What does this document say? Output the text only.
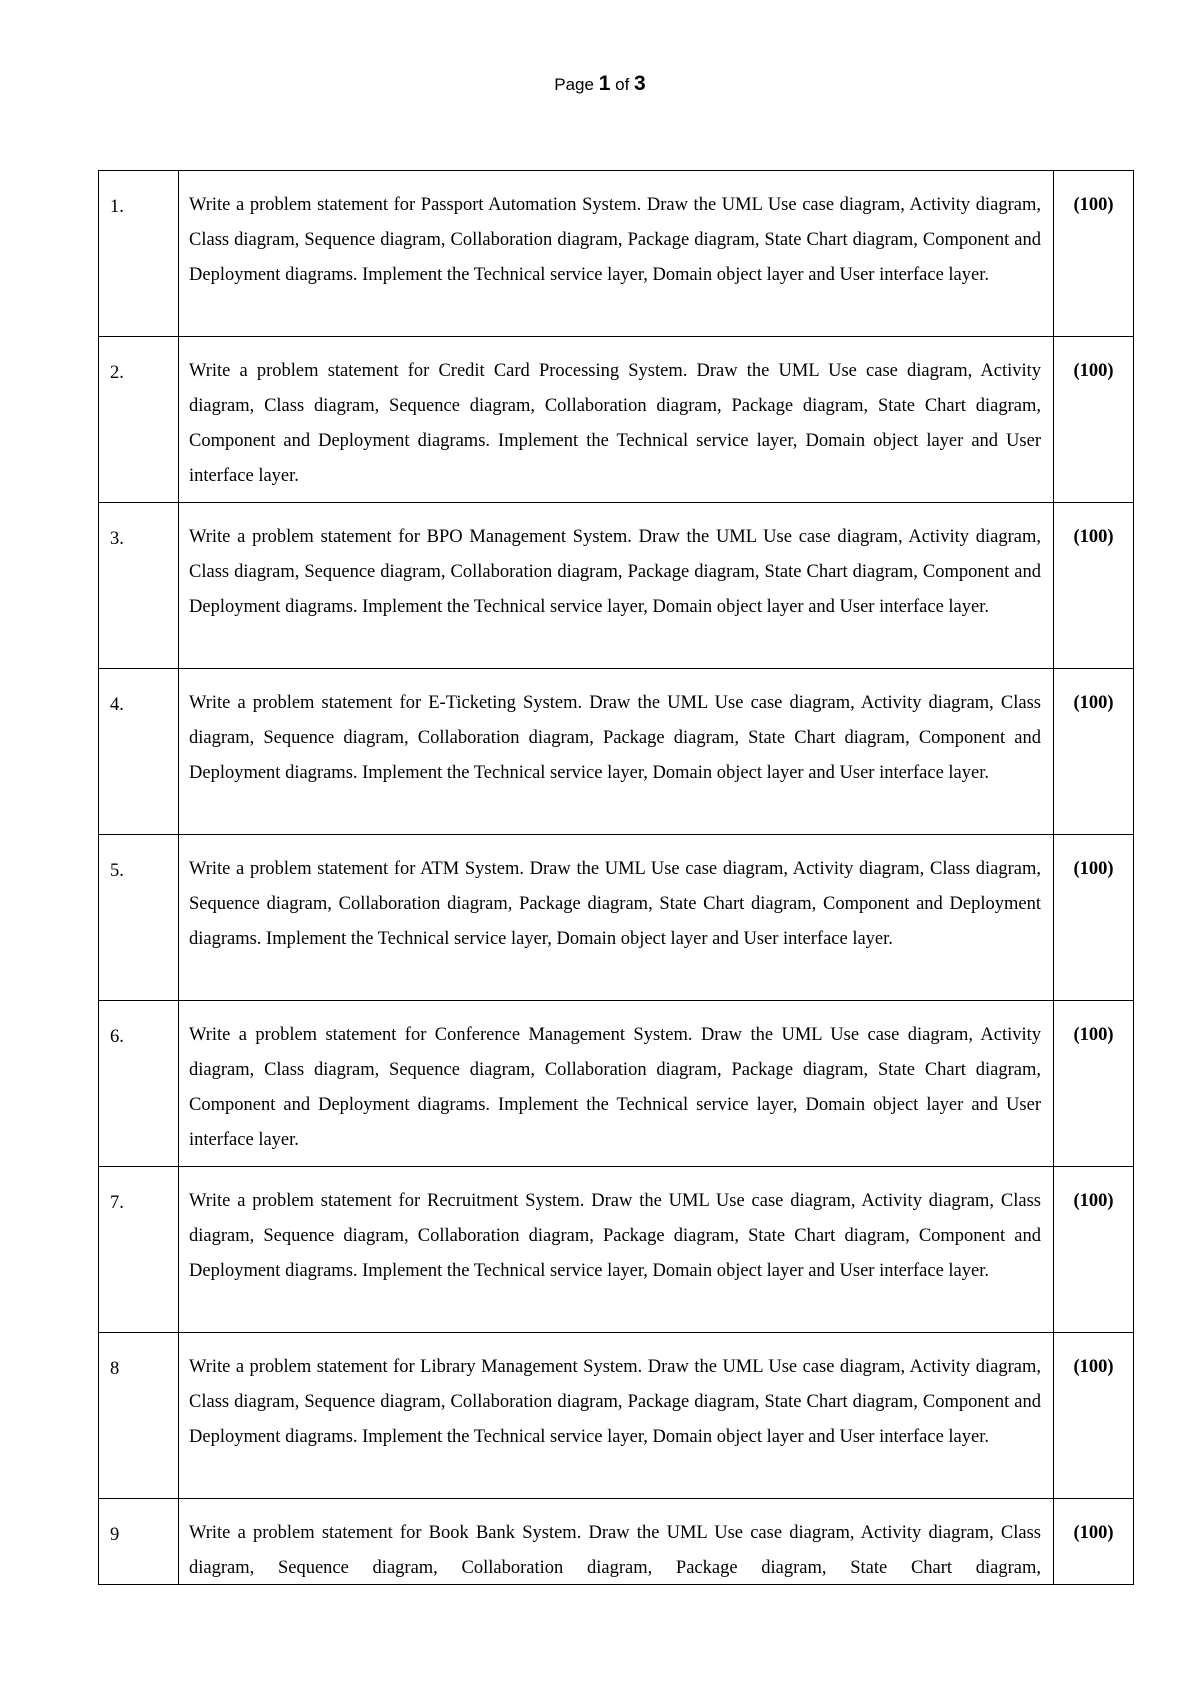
Page 1 of 3
1.	Write a problem statement for Passport Automation System. Draw the UML Use case diagram, Activity diagram, Class diagram, Sequence diagram, Collaboration diagram, Package diagram, State Chart diagram, Component and Deployment diagrams. Implement the Technical service layer, Domain object layer and User interface layer.	(100)

2.	Write a problem statement for Credit Card Processing System. Draw the UML Use case diagram, Activity diagram, Class diagram, Sequence diagram, Collaboration diagram, Package diagram, State Chart diagram, Component and Deployment diagrams. Implement the Technical service layer, Domain object layer and User interface layer.	(100)

3.	Write a problem statement for BPO Management System. Draw the UML Use case diagram, Activity diagram, Class diagram, Sequence diagram, Collaboration diagram, Package diagram, State Chart diagram, Component and Deployment diagrams. Implement the Technical service layer, Domain object layer and User interface layer.	(100)

4.	Write a problem statement for E-Ticketing System. Draw the UML Use case diagram, Activity diagram, Class diagram, Sequence diagram, Collaboration diagram, Package diagram, State Chart diagram, Component and Deployment diagrams. Implement the Technical service layer, Domain object layer and User interface layer.	(100)

5.	Write a problem statement for ATM System. Draw the UML Use case diagram, Activity diagram, Class diagram, Sequence diagram, Collaboration diagram, Package diagram, State Chart diagram, Component and Deployment diagrams. Implement the Technical service layer, Domain object layer and User interface layer.	(100)

6.	Write a problem statement for Conference Management System. Draw the UML Use case diagram, Activity diagram, Class diagram, Sequence diagram, Collaboration diagram, Package diagram, State Chart diagram, Component and Deployment diagrams. Implement the Technical service layer, Domain object layer and User interface layer.	(100)

7.	Write a problem statement for Recruitment System. Draw the UML Use case diagram, Activity diagram, Class diagram, Sequence diagram, Collaboration diagram, Package diagram, State Chart diagram, Component and Deployment diagrams. Implement the Technical service layer, Domain object layer and User interface layer.	(100)

8	Write a problem statement for Library Management System. Draw the UML Use case diagram, Activity diagram, Class diagram, Sequence diagram, Collaboration diagram, Package diagram, State Chart diagram, Component and Deployment diagrams. Implement the Technical service layer, Domain object layer and User interface layer.	(100)

9	Write a problem statement for Book Bank System. Draw the UML Use case diagram, Activity diagram, Class diagram, Sequence diagram, Collaboration diagram, Package diagram, State Chart diagram,	(100)
